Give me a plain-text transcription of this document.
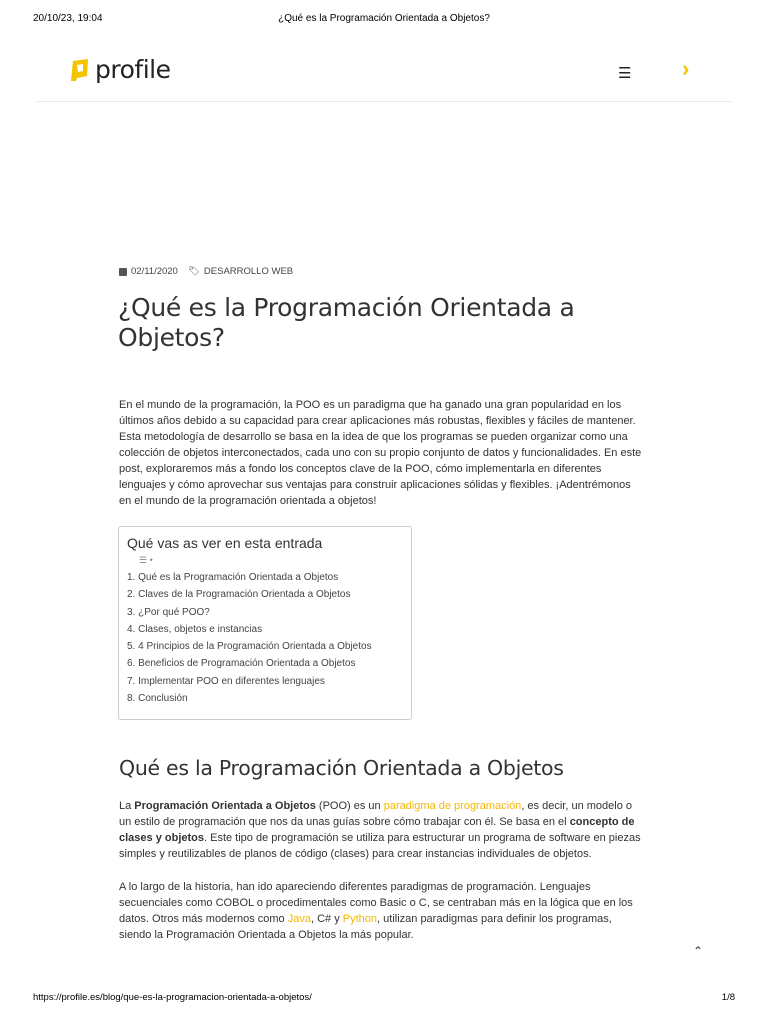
20/10/23, 19:04	¿Qué es la Programación Orientada a Objetos?
profile	☰ ›
02/11/2020 🏷 DESARROLLO WEB
¿Qué es la Programación Orientada a Objetos?

En el mundo de la programación, la POO es un paradigma que ha ganado una gran popularidad en los últimos años debido a su capacidad para crear aplicaciones más robustas, flexibles y fáciles de mantener. Esta metodología de desarrollo se basa en la idea de que los programas se pueden organizar como una colección de objetos interconectados, cada uno con su propio conjunto de datos y funcionalidades. En este post, exploraremos más a fondo los conceptos clave de la POO, cómo implementarla en diferentes lenguajes y cómo aprovechar sus ventajas para construir aplicaciones sólidas y flexibles. ¡Adentrémonos en el mundo de la programación orientada a objetos!

Qué vas as ver en esta entrada
☰ •
1. Qué es la Programación Orientada a Objetos
2. Claves de la Programación Orientada a Objetos
3. ¿Por qué POO?
4. Clases, objetos e instancias
5. 4 Principios de la Programación Orientada a Objetos
6. Beneficios de Programación Orientada a Objetos
7. Implementar POO en diferentes lenguajes
8. Conclusión
Qué es la Programación Orientada a Objetos

La Programación Orientada a Objetos (POO) es un paradigma de programación, es decir, un modelo o un estilo de programación que nos da unas guías sobre cómo trabajar con él. Se basa en el concepto de clases y objetos. Este tipo de programación se utiliza para estructurar un programa de software en piezas simples y reutilizables de planos de código (clases) para crear instancias individuales de objetos.

A lo largo de la historia, han ido apareciendo diferentes paradigmas de programación. Lenguajes secuenciales como COBOL o procedimentales como Basic o C, se centraban más en la lógica que en los datos. Otros más modernos como Java, C# y Python, utilizan paradigmas para definir los programas, siendo la Programación Orientada a Objetos la más popular.

⌃
https://profile.es/blog/que-es-la-programacion-orientada-a-objetos/	1/8
